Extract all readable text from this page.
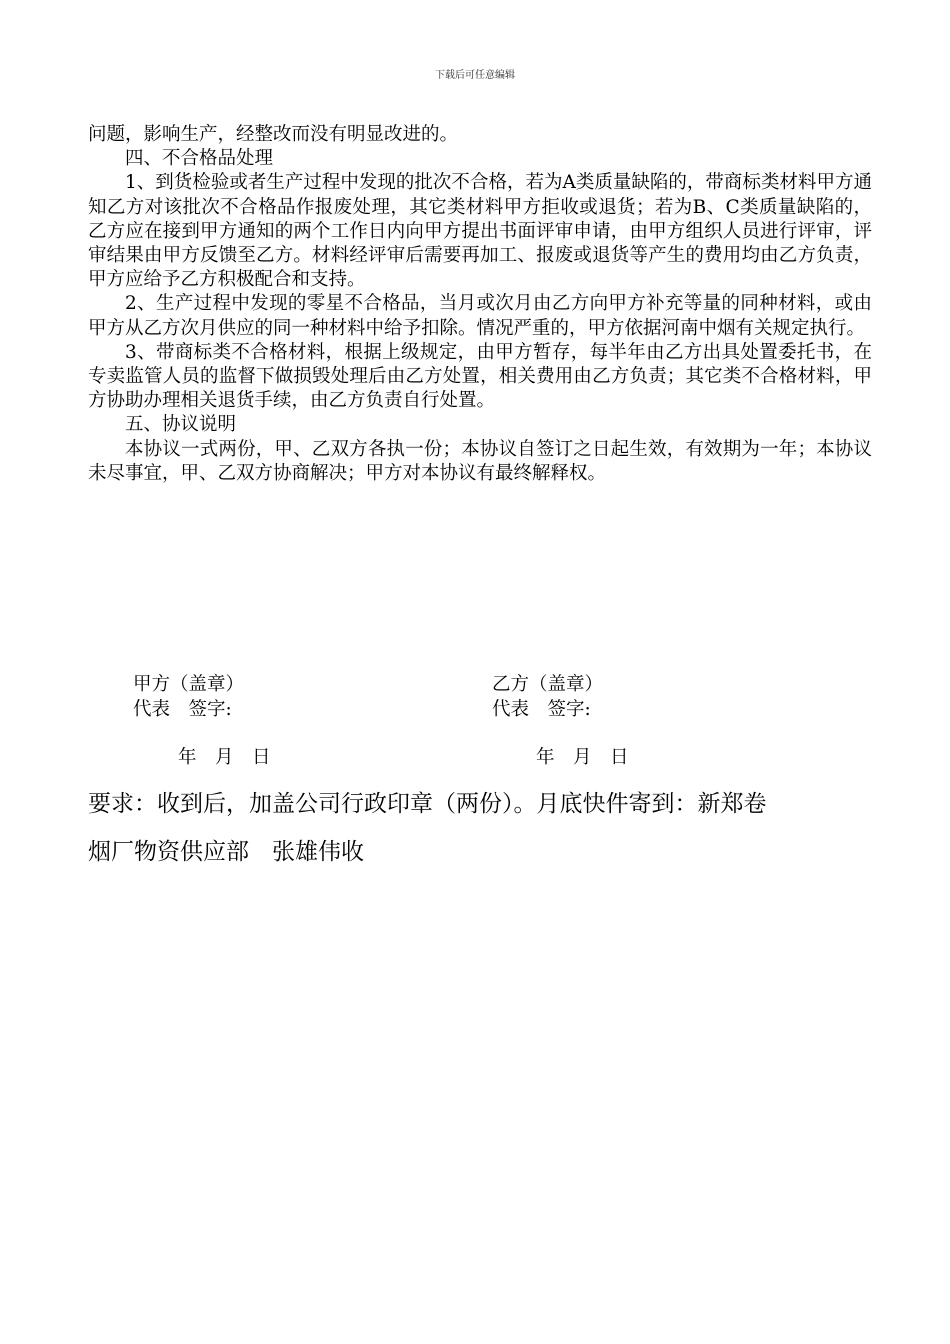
下载后可任意编辑

问题，影响生产，经整改而没有明显改进的。

四、不合格品处理

1、到货检验或者生产过程中发现的批次不合格，若为A类质量缺陷的，带商标类材料甲方通知乙方对该批次不合格品作报废处理，其它类材料甲方拒收或退货；若为B、C类质量缺陷的，乙方应在接到甲方通知的两个工作日内向甲方提出书面评审申请，由甲方组织人员进行评审，评审结果由甲方反馈至乙方。材料经评审后需要再加工、报废或退货等产生的费用均由乙方负责，甲方应给予乙方积极配合和支持。

2、生产过程中发现的零星不合格品，当月或次月由乙方向甲方补充等量的同种材料，或由甲方从乙方次月供应的同一种材料中给予扣除。情况严重的，甲方依据河南中烟有关规定执行。

3、带商标类不合格材料，根据上级规定，由甲方暂存，每半年由乙方出具处置委托书，在专卖监管人员的监督下做损毁处理后由乙方处置，相关费用由乙方负责；其它类不合格材料，甲方协助办理相关退货手续，由乙方负责自行处置。

五、协议说明

本协议一式两份，甲、乙双方各执一份；本协议自签订之日起生效，有效期为一年；本协议未尽事宜，甲、乙双方协商解决；甲方对本协议有最终解释权。

甲方（盖章）
代表　签字:
年　月　日
乙方（盖章）
代表　签字:
年　月　日

要求：收到后，加盖公司行政印章（两份）。月底快件寄到：新郑卷

烟厂物资供应部　张雄伟收
